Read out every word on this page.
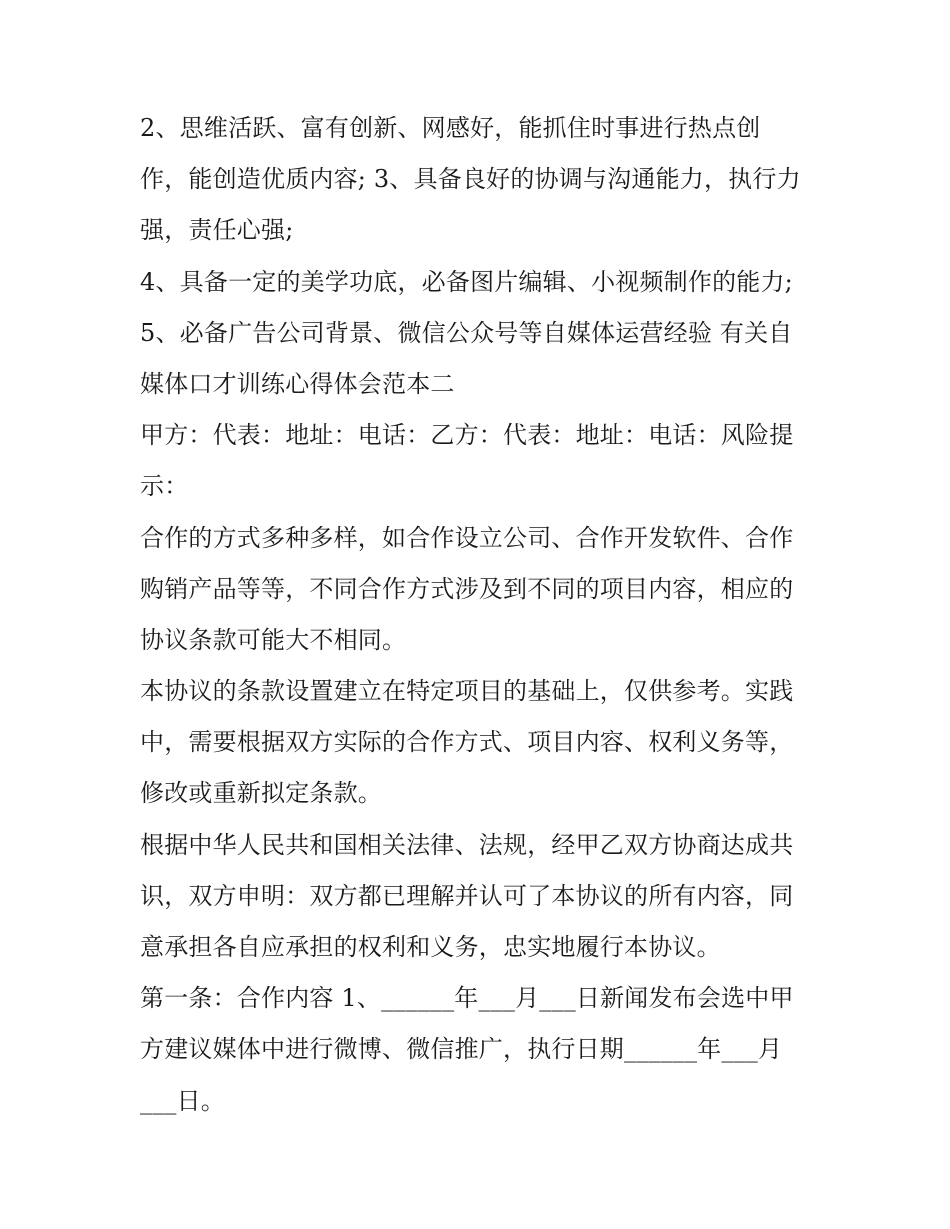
2、思维活跃、富有创新、网感好，能抓住时事进行热点创
作，能创造优质内容; 3、具备良好的协调与沟通能力，执行力
强，责任心强;
4、具备一定的美学功底，必备图片编辑、小视频制作的能力;
5、必备广告公司背景、微信公众号等自媒体运营经验 有关自
媒体口才训练心得体会范本二
甲方：代表：地址：电话：乙方：代表：地址：电话：风险提
示：
合作的方式多种多样，如合作设立公司、合作开发软件、合作
购销产品等等，不同合作方式涉及到不同的项目内容，相应的
协议条款可能大不相同。
本协议的条款设置建立在特定项目的基础上，仅供参考。实践
中，需要根据双方实际的合作方式、项目内容、权利义务等，
修改或重新拟定条款。
根据中华人民共和国相关法律、法规，经甲乙双方协商达成共
识，双方申明：双方都已理解并认可了本协议的所有内容，同
意承担各自应承担的权利和义务，忠实地履行本协议。
第一条：合作内容 1、______年___月___日新闻发布会选中甲
方建议媒体中进行微博、微信推广，执行日期______年___月
___日。
